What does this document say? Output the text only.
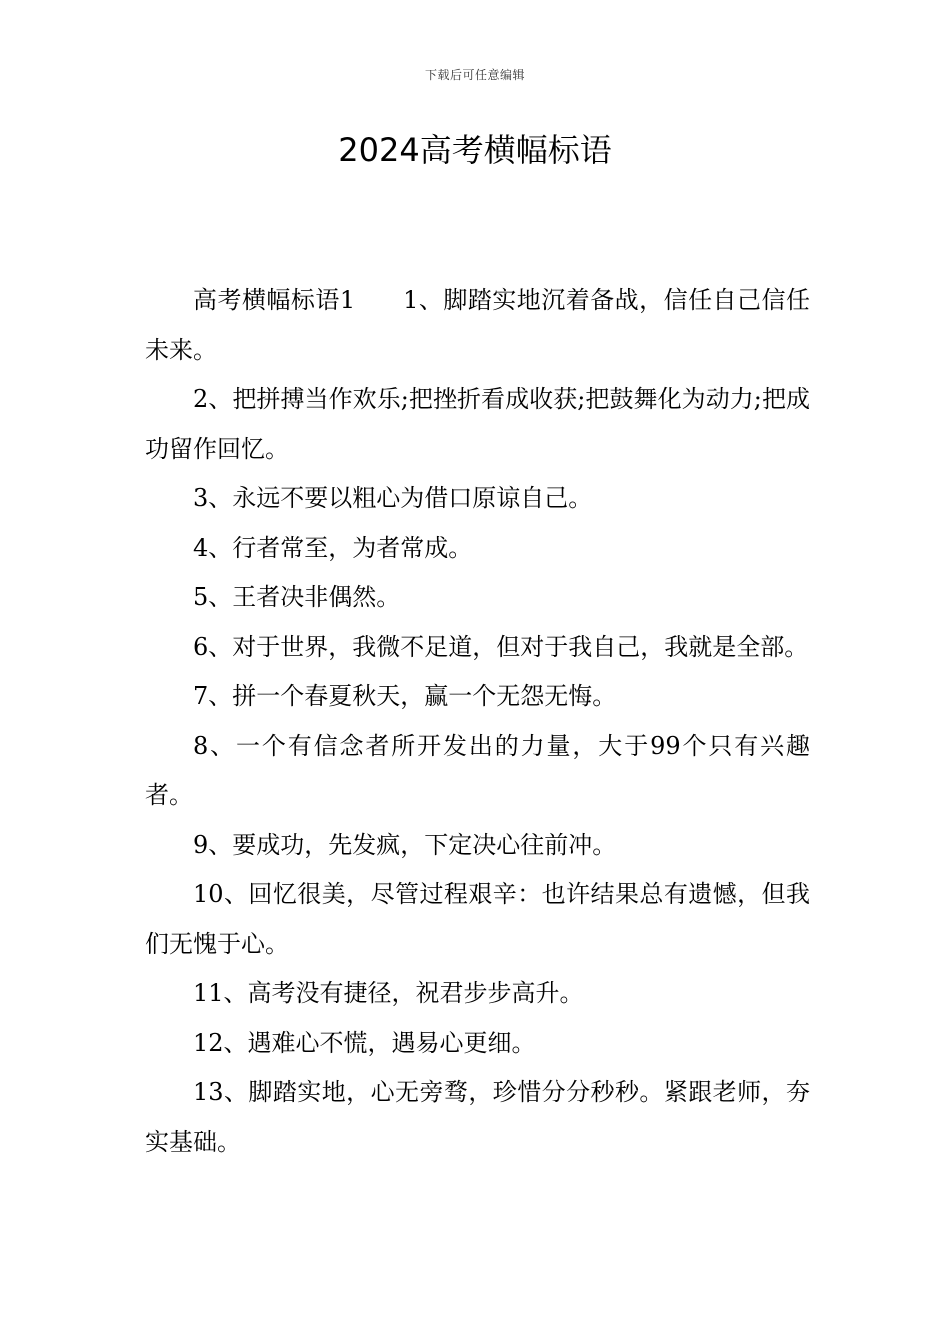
下载后可任意编辑
2024高考横幅标语

高考横幅标语1 1、脚踏实地沉着备战，信任自己信任未来。

2、把拼搏当作欢乐;把挫折看成收获;把鼓舞化为动力;把成功留作回忆。

3、永远不要以粗心为借口原谅自己。

4、行者常至，为者常成。

5、王者决非偶然。

6、对于世界，我微不足道，但对于我自己，我就是全部。

7、拼一个春夏秋天，赢一个无怨无悔。

8、一个有信念者所开发出的力量，大于99个只有兴趣者。

9、要成功，先发疯，下定决心往前冲。

10、回忆很美，尽管过程艰辛：也许结果总有遗憾，但我们无愧于心。

11、高考没有捷径，祝君步步高升。

12、遇难心不慌，遇易心更细。

13、脚踏实地，心无旁骛，珍惜分分秒秒。紧跟老师，夯实基础。
